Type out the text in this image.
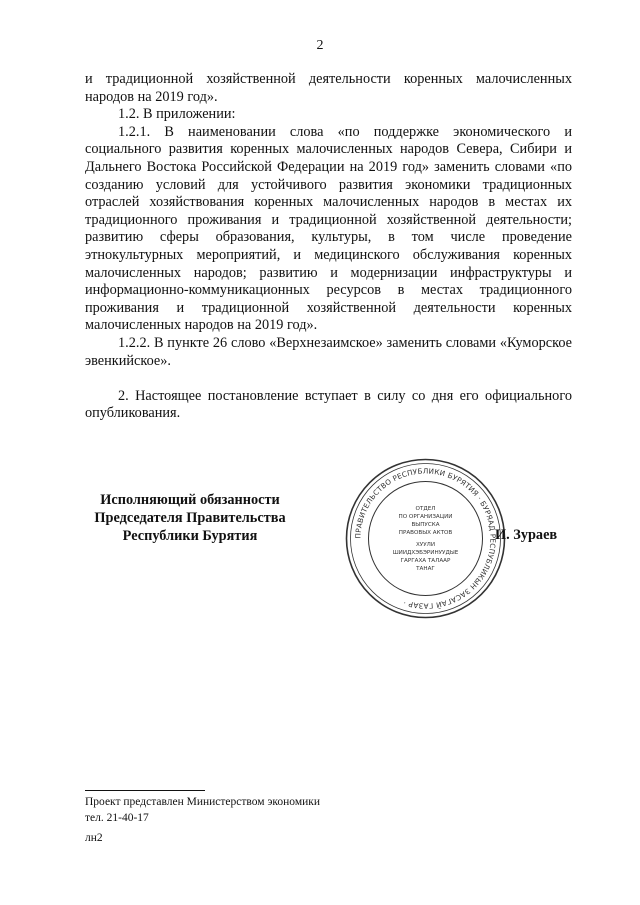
2

и традиционной хозяйственной деятельности коренных малочисленных народов на 2019 год».

1.2. В приложении:

1.2.1. В наименовании слова «по поддержке экономического и социального развития коренных малочисленных народов Севера, Сибири и Дальнего Востока Российской Федерации на 2019 год» заменить словами «по созданию условий для устойчивого развития экономики традиционных отраслей хозяйствования коренных малочисленных народов в местах их традиционного проживания и традиционной хозяйственной деятельности; развитию сферы образования, культуры, в том числе проведение этнокультурных мероприятий, и медицинского обслуживания коренных малочисленных народов; развитию и модернизации инфраструктуры и информационно-коммуникационных ресурсов в местах традиционного проживания и традиционной хозяйственной деятельности коренных малочисленных народов на 2019 год».

1.2.2. В пункте 26 слово «Верхнезаимское» заменить словами «Куморское эвенкийское».

2. Настоящее постановление вступает в силу со дня его официального опубликования.

Исполняющий обязанности
Председателя Правительства
Республики Бурятия	ПРАВИТЕЛЬСТВО РЕСПУБЛИКИ БУРЯТИЯ · БУРЯАД РЕСПУБЛИКЫН ЗАСАГАЙ ГАЗАР ·
ОТДЕЛ
ПО ОРГАНИЗАЦИИ
ВЫПУСКА
ПРАВОВЫХ АКТОВ
ХУУЛИ
ШИИДХЭБЭРИНУУДЫЕ
ГАРГАХА ТАЛААР
ТАНАГ
И. Зураев
Проект представлен Министерством экономики
тел. 21-40-17
лн2
